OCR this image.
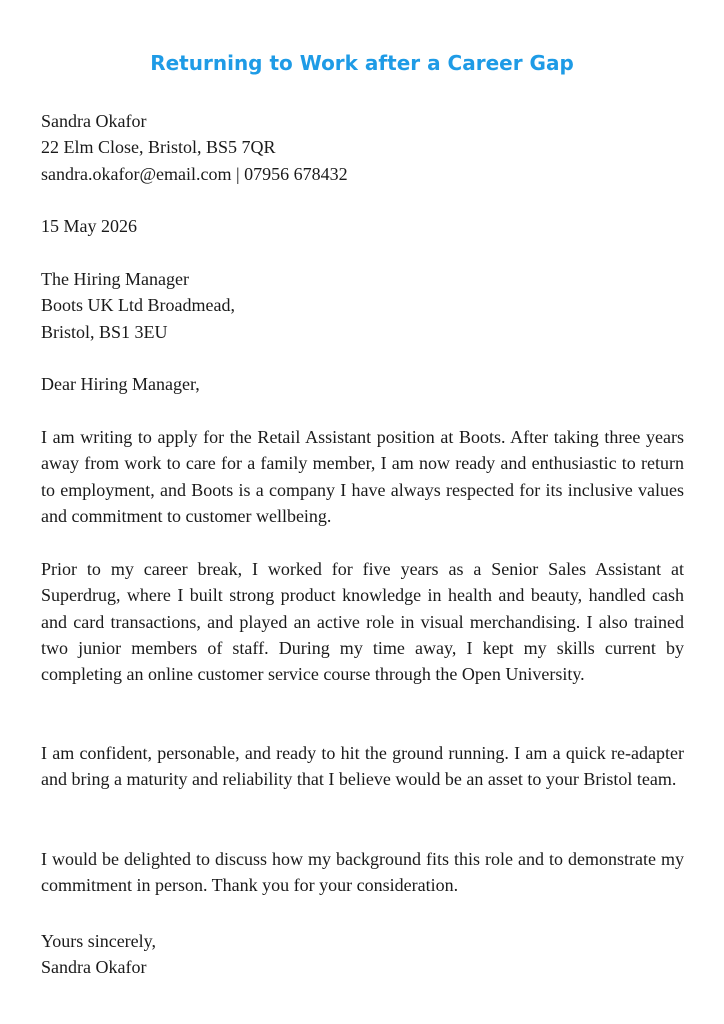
Returning to Work after a Career Gap
Sandra Okafor
22 Elm Close, Bristol, BS5 7QR
sandra.okafor@email.com | 07956 678432
15 May 2026
The Hiring Manager
Boots UK Ltd Broadmead,
Bristol, BS1 3EU
Dear Hiring Manager,

I am writing to apply for the Retail Assistant position at Boots. After taking three years away from work to care for a family member, I am now ready and enthusiastic to return to employment, and Boots is a company I have always respected for its inclusive values and commitment to customer wellbeing.

Prior to my career break, I worked for five years as a Senior Sales Assistant at Superdrug, where I built strong product knowledge in health and beauty, handled cash and card transactions, and played an active role in visual merchandising. I also trained two junior members of staff. During my time away, I kept my skills current by completing an online customer service course through the Open University.

I am confident, personable, and ready to hit the ground running. I am a quick re-adapter and bring a maturity and reliability that I believe would be an asset to your Bristol team.

I would be delighted to discuss how my background fits this role and to demonstrate my commitment in person. Thank you for your consideration.

Yours sincerely,
Sandra Okafor
